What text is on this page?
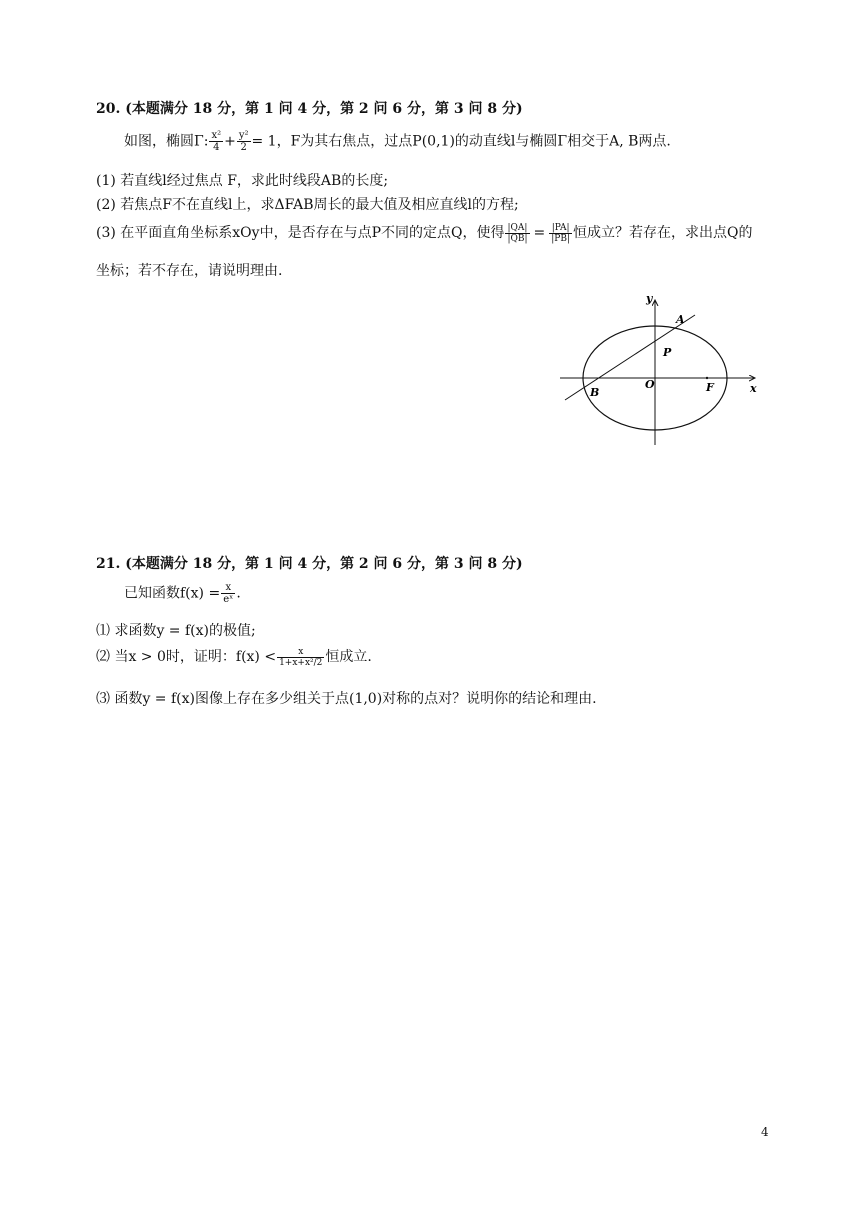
20. (本题满分 18 分，第 1 问 4 分，第 2 问 6 分，第 3 问 8 分)
如图，椭圆Γ: $\frac{\text{x²}}{4} + \frac{\text{y²}}{2} = 1$，F为其右焦点，过点P(0,1)的动直线l与椭圆Γ相交于A, B两点.
(1) 若直线l经过焦点 F，求此时线段AB的长度;
(2) 若焦点F不在直线l上，求ΔFAB周长的最大值及相应直线l的方程;
(3) 在平面直角坐标系xOy中，是否存在与点P不同的定点Q，使得 $\frac{|QA|}{|QB|} = \frac{|PA|}{|PB|}$ 恒成立？若存在，求出点Q的
坐标；若不存在，请说明理由.
y
x
A
P
O	F
B
21. (本题满分 18 分，第 1 问 4 分，第 2 问 6 分，第 3 问 8 分)
已知函数$f(x) = \frac{x}{\text{eˣ}}$ .
⑴ 求函数y = f(x)的极值;
⑵ 当x > 0时，证明：$f(x) < \frac{x}{\text{1+x+x²/2}}$ 恒成立.
⑶ 函数y = f(x)图像上存在多少组关于点(1,0)对称的点对？说明你的结论和理由.
4
